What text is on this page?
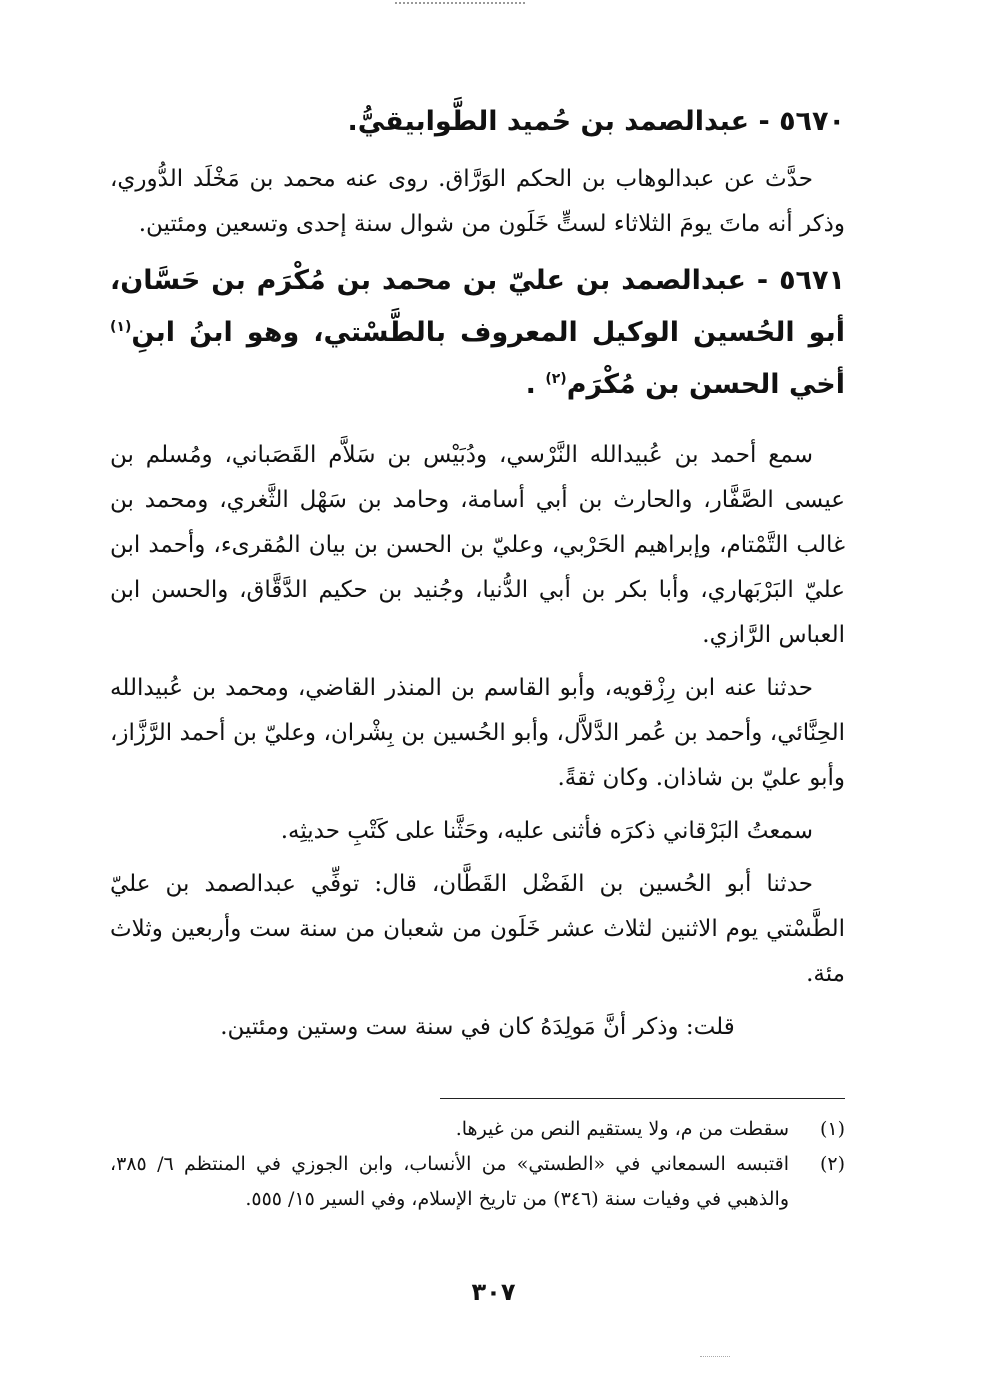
٥٦٧٠ - عبدالصمد بن حُميد الطَّوابيقيُّ.

حدَّث عن عبدالوهاب بن الحكم الوَرَّاق. روى عنه محمد بن مَخْلَد الدُّوري، وذكر أنه ماتَ يومَ الثلاثاء لستٍّ خَلَون من شوال سنة إحدى وتسعين ومئتين.

٥٦٧١ - عبدالصمد بن عليّ بن محمد بن مُكْرَم بن حَسَّان، أبو الحُسين الوكيل المعروف بالطَّسْتي، وهو ابنُ ابنِ$^{(١)}$ أخي الحسن بن مُكْرَم$^{(٢)}$ .

سمع أحمد بن عُبيدالله النَّرْسي، ودُبَيْس بن سَلاَّم القَصَباني، ومُسلم بن عيسى الصَّفَّار، والحارث بن أبي أسامة، وحامد بن سَهْل الثَّغري، ومحمد بن غالب التَّمْتام، وإبراهيم الحَرْبي، وعليّ بن الحسن بن بيان المُقرىء، وأحمد ابن عليّ البَرْبَهاري، وأبا بكر بن أبي الدُّنيا، وجُنيد بن حكيم الدَّقَّاق، والحسن ابن العباس الرَّازي.

حدثنا عنه ابن رِزْقويه، وأبو القاسم بن المنذر القاضي، ومحمد بن عُبيدالله الحِنَّائي، وأحمد بن عُمر الدَّلاَّل، وأبو الحُسين بن بِشْران، وعليّ بن أحمد الرَّزَّاز، وأبو عليّ بن شاذان. وكان ثقةً.

سمعتُ البَرْقاني ذكرَه فأثنى عليه، وحَثَّنا على كَتْبِ حديثِه.

حدثنا أبو الحُسين بن الفَضْل القَطَّان، قال: توفِّي عبدالصمد بن عليّ الطَّسْتي يوم الاثنين لثلاث عشر خَلَون من شعبان من سنة ست وأربعين وثلاث مئة.

قلت: وذكر أنَّ مَولِدَهُ كان في سنة ست وستين ومئتين.

(١)
سقطت من م، ولا يستقيم النص من غيرها.
(٢)
اقتبسه السمعاني في «الطستي» من الأنساب، وابن الجوزي في المنتظم ٦/ ٣٨٥، والذهبي في وفيات سنة (٣٤٦) من تاريخ الإسلام، وفي السير ١٥/ ٥٥٥.
٣٠٧
